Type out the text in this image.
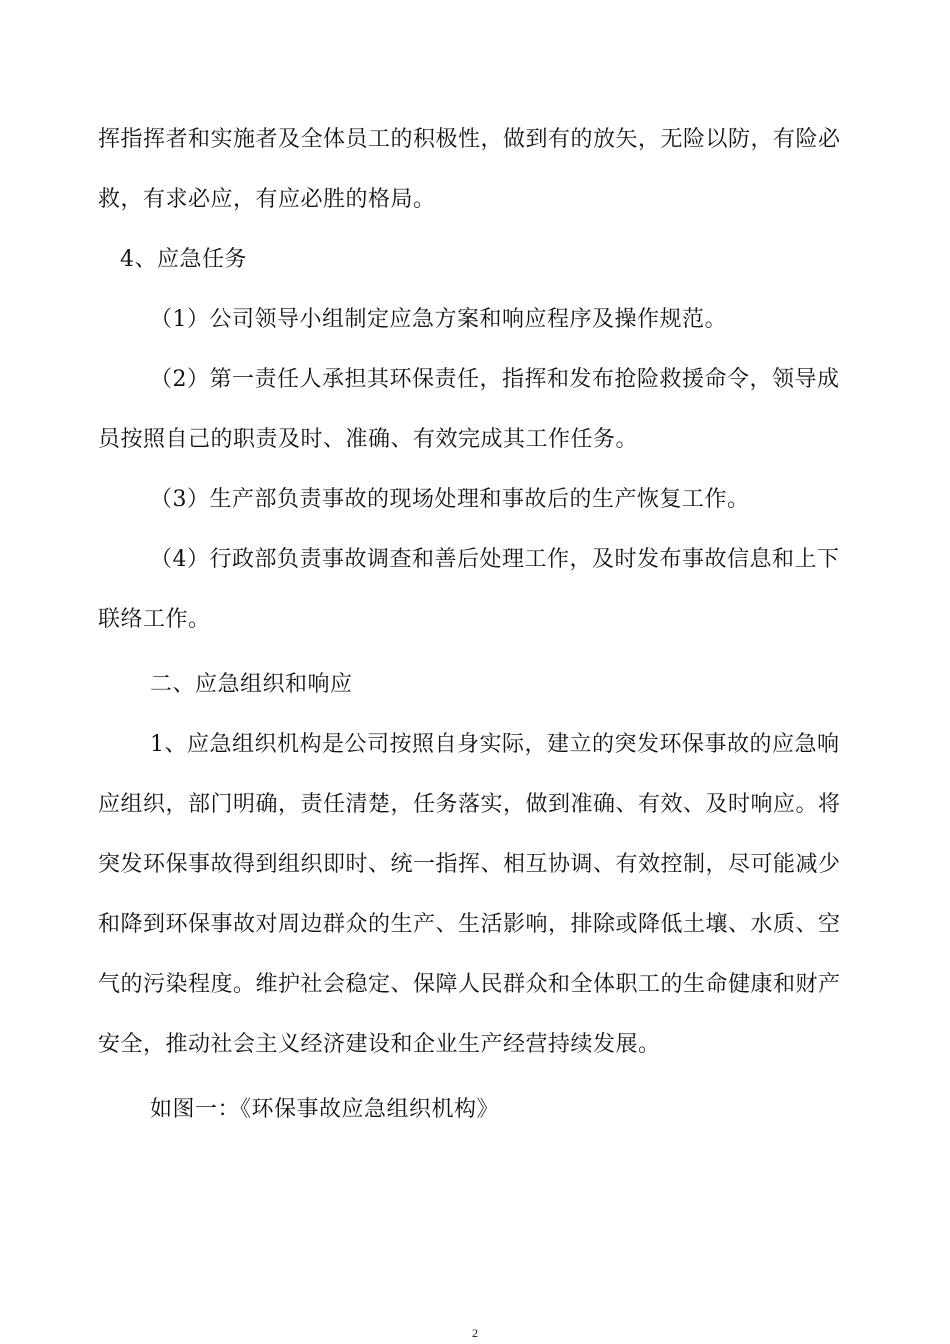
挥指挥者和实施者及全体员工的积极性，做到有的放矢，无险以防，有险必救，有求必应，有应必胜的格局。

4、应急任务

（1）公司领导小组制定应急方案和响应程序及操作规范。

（2）第一责任人承担其环保责任，指挥和发布抢险救援命令，领导成员按照自己的职责及时、准确、有效完成其工作任务。

（3）生产部负责事故的现场处理和事故后的生产恢复工作。

（4）行政部负责事故调查和善后处理工作，及时发布事故信息和上下联络工作。

二、应急组织和响应

1、应急组织机构是公司按照自身实际，建立的突发环保事故的应急响应组织，部门明确，责任清楚，任务落实，做到准确、有效、及时响应。将突发环保事故得到组织即时、统一指挥、相互协调、有效控制，尽可能减少和降到环保事故对周边群众的生产、生活影响，排除或降低土壤、水质、空气的污染程度。维护社会稳定、保障人民群众和全体职工的生命健康和财产安全，推动社会主义经济建设和企业生产经营持续发展。

如图一：《环保事故应急组织机构》

2
